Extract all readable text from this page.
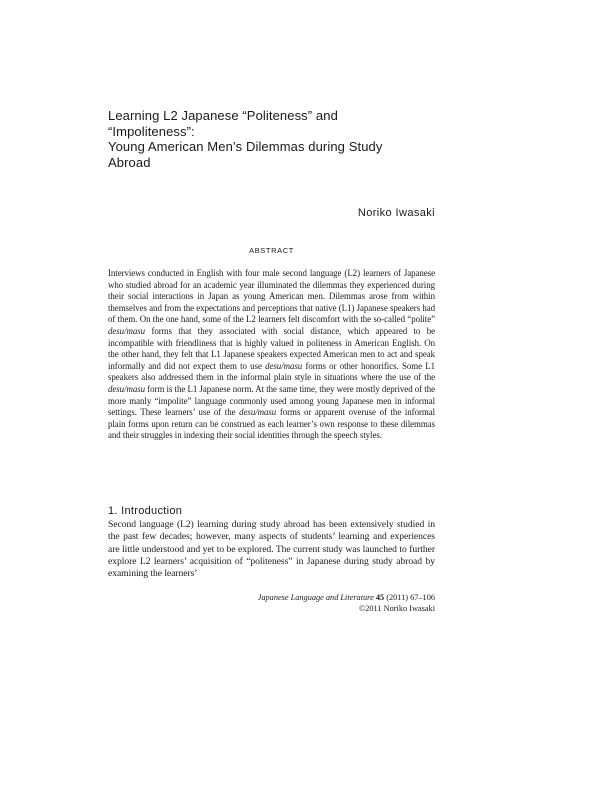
Learning L2 Japanese “Politeness” and
“Impoliteness”:
Young American Men’s Dilemmas during Study
Abroad
Noriko Iwasaki
ABSTRACT
Interviews conducted in English with four male second language (L2) learners of Japanese who studied abroad for an academic year illuminated the dilemmas they experienced during their social interactions in Japan as young American men. Dilemmas arose from within themselves and from the expectations and perceptions that native (L1) Japanese speakers had of them. On the one hand, some of the L2 learners felt discomfort with the so-called “polite” desu/masu forms that they associated with social distance, which appeared to be incompatible with friendliness that is highly valued in politeness in American English. On the other hand, they felt that L1 Japanese speakers expected American men to act and speak informally and did not expect them to use desu/masu forms or other honorifics. Some L1 speakers also addressed them in the informal plain style in situations where the use of the desu/masu form is the L1 Japanese norm. At the same time, they were mostly deprived of the more manly “impolite” language commonly used among young Japanese men in informal settings. These learners’ use of the desu/masu forms or apparent overuse of the informal plain forms upon return can be construed as each learner’s own response to these dilemmas and their struggles in indexing their social identities through the speech styles.
1. Introduction
Second language (L2) learning during study abroad has been extensively studied in the past few decades; however, many aspects of students’ learning and experiences are little understood and yet to be explored. The current study was launched to further explore L2 learners’ acquisition of “politeness” in Japanese during study abroad by examining the learners’
Japanese Language and Literature 45 (2011) 67–106
©2011 Noriko Iwasaki
